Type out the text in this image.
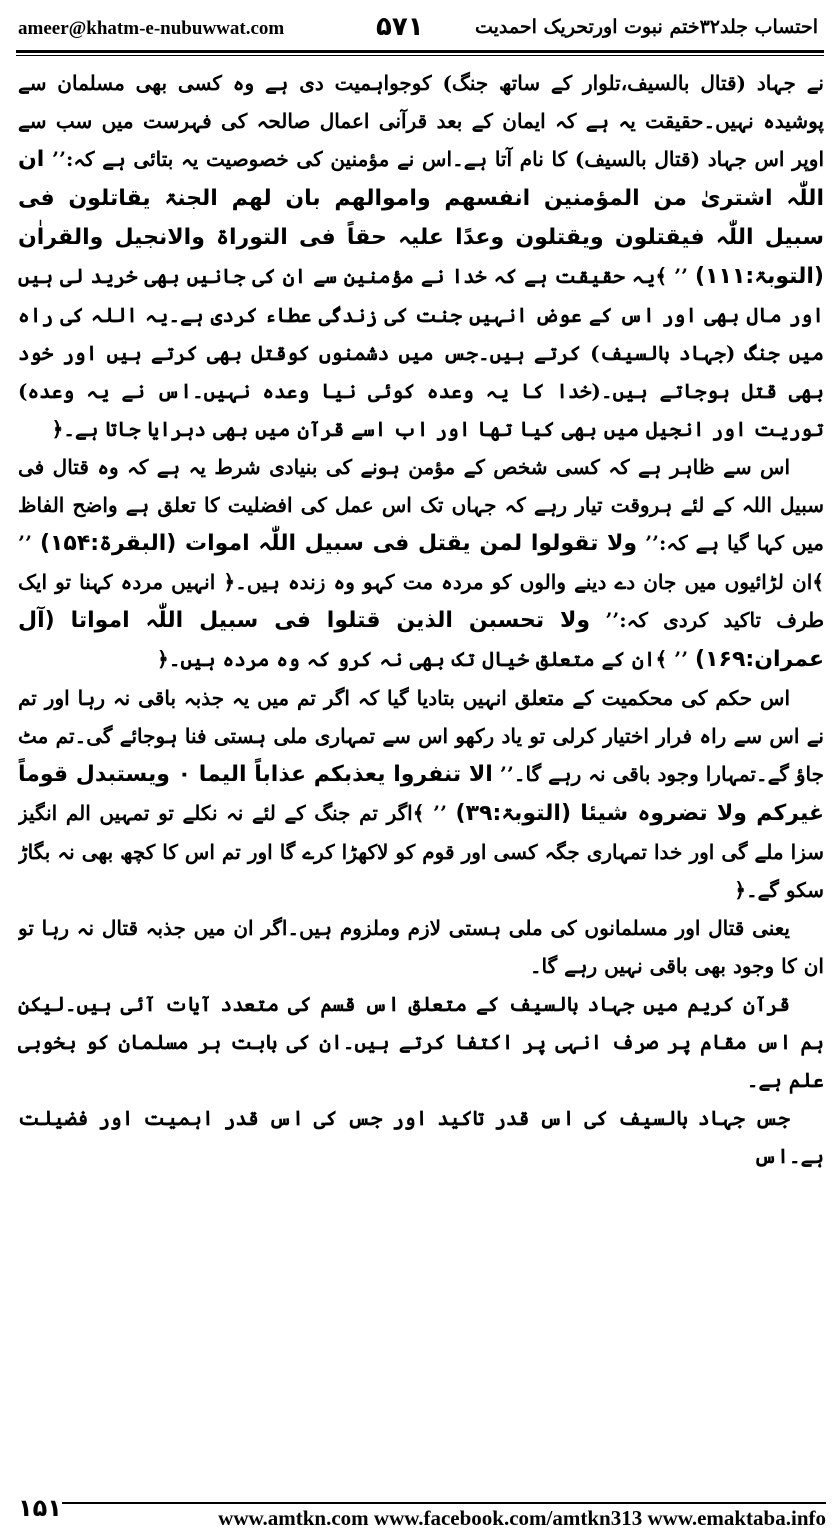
ameer@khatm-e-nubuwwat.com	۵۷۱	احتساب جلد۳۲ختم نبوت اورتحریک احمدیت

نے جہاد (قتال بالسیف،تلوار کے ساتھ جنگ) کوجواہمیت دی ہے وہ کسی بھی مسلمان سے پوشیدہ نہیں۔حقیقت یہ ہے کہ ایمان کے بعد قرآنی اعمال صالحہ کی فہرست میں سب سے اوپر اس جہاد (قتال بالسیف) کا نام آتا ہے۔اس نے مؤمنین کی خصوصیت یہ بتائی ہے کہ:’’ ان اللّٰہ اشتریٰ من المؤمنین انفسھم واموالھم بان لھم الجنۃ یقاتلون فی سبیل اللّٰہ فیقتلون ویقتلون وعدًا علیہ حقاً فی التوراۃ والانجیل والقراٰن (التوبۃ:۱۱۱) ’’ ﴾یہ حقیقت ہے کہ خدا نے مؤمنین سے ان کی جانیں بھی خرید لی ہیں اور مال بھی اور اس کے عوض انہیں جنت کی زندگی عطاء کردی ہے۔یہ اللہ کی راہ میں جنگ (جہاد بالسیف) کرتے ہیں۔جس میں دشمنوں کوقتل بھی کرتے ہیں اور خود بھی قتل ہوجاتے ہیں۔(خدا کا یہ وعدہ کوئی نیا وعدہ نہیں۔اس نے یہ وعدہ) توریت اور انجیل میں بھی کیا تھا اور اب اسے قرآن میں بھی دہرایا جاتا ہے۔﴿

اس سے ظاہر ہے کہ کسی شخص کے مؤمن ہونے کی بنیادی شرط یہ ہے کہ وہ قتال فی سبیل اللہ کے لئے ہروقت تیار رہے کہ جہاں تک اس عمل کی افضلیت کا تعلق ہے واضح الفاظ میں کہا گیا ہے کہ:’’ ولا تقولوا لمن یقتل فی سبیل اللّٰہ اموات (البقرۃ:۱۵۴) ’’ ﴾ان لڑائیوں میں جان دے دینے والوں کو مردہ مت کہو وہ زندہ ہیں۔﴿ انہیں مردہ کہنا تو ایک طرف تاکید کردی کہ:’’ ولا تحسبن الذین قتلوا فی سبیل اللّٰہ امواتا (آل عمران:۱۶۹) ’’ ﴾ان کے متعلق خیال تک بھی نہ کرو کہ وہ مردہ ہیں۔﴿

اس حکم کی محکمیت کے متعلق انہیں بتادیا گیا کہ اگر تم میں یہ جذبہ باقی نہ رہا اور تم نے اس سے راہ فرار اختیار کرلی تو یاد رکھو اس سے تمہاری ملی ہستی فنا ہوجائے گی۔تم مٹ جاؤ گے۔تمہارا وجود باقی نہ رہے گا۔’’ الا تنفروا یعذبکم عذاباً الیما ۰ ویستبدل قوماً غیرکم ولا تضروہ شیئا (التوبۃ:۳۹) ’’ ﴾اگر تم جنگ کے لئے نہ نکلے تو تمہیں الم انگیز سزا ملے گی اور خدا تمہاری جگہ کسی اور قوم کو لاکھڑا کرے گا اور تم اس کا کچھ بھی نہ بگاڑ سکو گے۔﴿

یعنی قتال اور مسلمانوں کی ملی ہستی لازم وملزوم ہیں۔اگر ان میں جذبہ قتال نہ رہا تو ان کا وجود بھی باقی نہیں رہے گا۔

قرآن کریم میں جہاد بالسیف کے متعلق اس قسم کی متعدد آیات آئی ہیں۔لیکن ہم اس مقام پر صرف انہی پر اکتفا کرتے ہیں۔ان کی بابت ہر مسلمان کو بخوبی علم ہے۔

جس جہاد بالسیف کی اس قدر تاکید اور جس کی اس قدر اہمیت اور فضیلت ہے۔اس

۱۵۱	www.amtkn.com www.facebook.com/amtkn313 www.emaktaba.info
